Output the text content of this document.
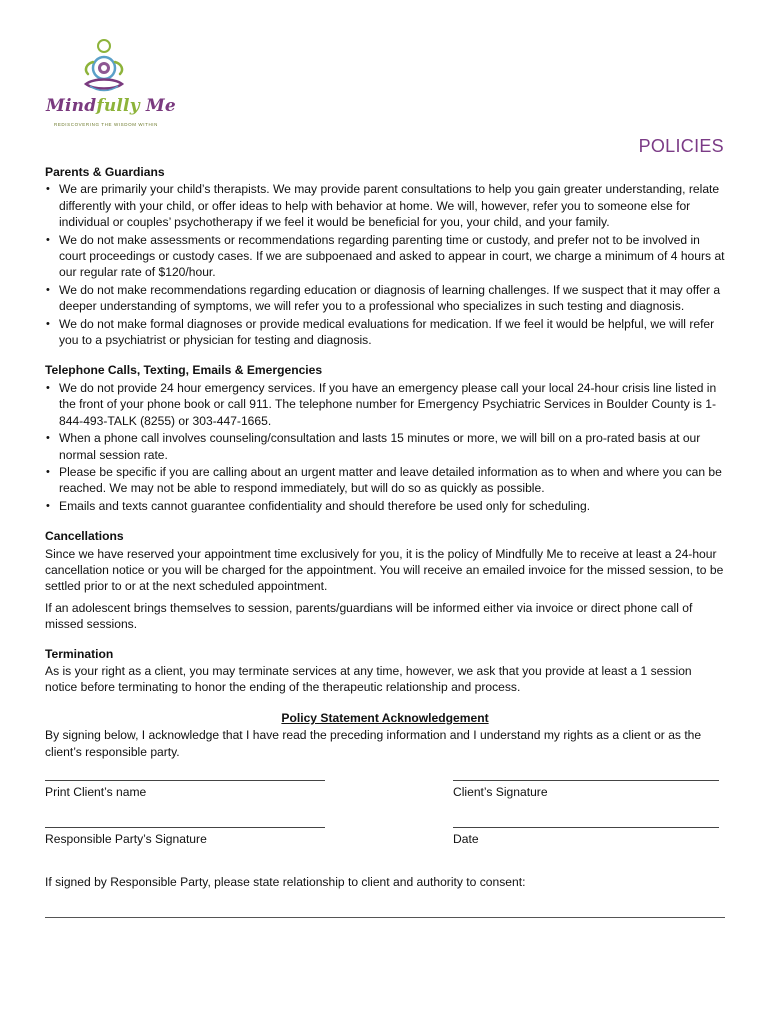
Mindfully Me
REDISCOVERING THE WISDOM WITHIN
POLICIES
Parents & Guardians
• We are primarily your child’s therapists. We may provide parent consultations to help you gain greater understanding, relate differently with your child, or offer ideas to help with behavior at home. We will, however, refer you to someone else for individual or couples’ psychotherapy if we feel it would be beneficial for you, your child, and your family.
• We do not make assessments or recommendations regarding parenting time or custody, and prefer not to be involved in court proceedings or custody cases. If we are subpoenaed and asked to appear in court, we charge a minimum of 4 hours at our regular rate of $120/hour.
• We do not make recommendations regarding education or diagnosis of learning challenges. If we suspect that it may offer a deeper understanding of symptoms, we will refer you to a professional who specializes in such testing and diagnosis.
• We do not make formal diagnoses or provide medical evaluations for medication. If we feel it would be helpful, we will refer you to a psychiatrist or physician for testing and diagnosis.
Telephone Calls, Texting, Emails & Emergencies
• We do not provide 24 hour emergency services. If you have an emergency please call your local 24-hour crisis line listed in the front of your phone book or call 911. The telephone number for Emergency Psychiatric Services in Boulder County is 1-844-493-TALK (8255) or 303-447-1665.
• When a phone call involves counseling/consultation and lasts 15 minutes or more, we will bill on a pro-rated basis at our normal session rate.
• Please be specific if you are calling about an urgent matter and leave detailed information as to when and where you can be reached. We may not be able to respond immediately, but will do so as quickly as possible.
• Emails and texts cannot guarantee confidentiality and should therefore be used only for scheduling.
Cancellations

Since we have reserved your appointment time exclusively for you, it is the policy of Mindfully Me to receive at least a 24-hour cancellation notice or you will be charged for the appointment. You will receive an emailed invoice for the missed session, to be settled prior to or at the next scheduled appointment.

If an adolescent brings themselves to session, parents/guardians will be informed either via invoice or direct phone call of missed sessions.

Termination

As is your right as a client, you may terminate services at any time, however, we ask that you provide at least a 1 session notice before terminating to honor the ending of the therapeutic relationship and process.

Policy Statement Acknowledgement

By signing below, I acknowledge that I have read the preceding information and I understand my rights as a client or as the client’s responsible party.

Print Client’s name	Client’s Signature
Responsible Party’s Signature	Date

If signed by Responsible Party, please state relationship to client and authority to consent:
